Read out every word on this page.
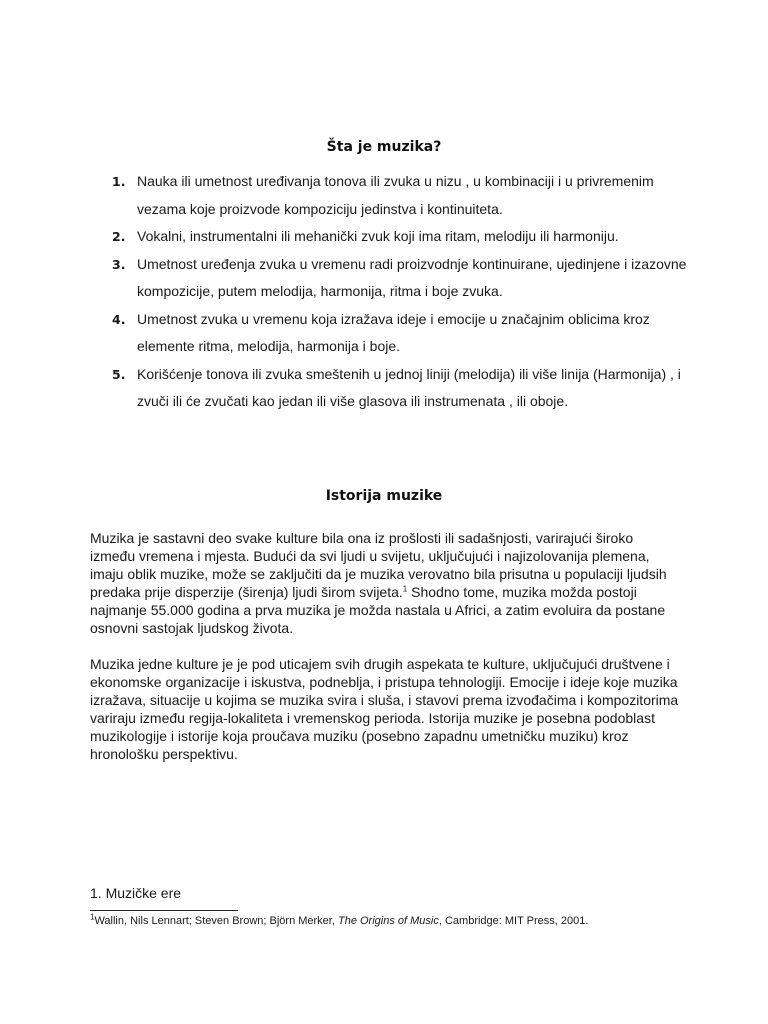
Šta je muzika?
1. Nauka ili umetnost uređivanja tonova ili zvuka u nizu , u kombinaciji i u privremenim vezama koje proizvode kompoziciju jedinstva i kontinuiteta.
2. Vokalni, instrumentalni ili mehanički zvuk koji ima ritam, melodiju ili harmoniju.
3. Umetnost uređenja zvuka u vremenu radi proizvodnje kontinuirane, ujedinjene i izazovne kompozicije, putem melodija, harmonija, ritma i boje zvuka.
4. Umetnost zvuka u vremenu koja izražava ideje i emocije u značajnim oblicima kroz elemente ritma, melodija, harmonija i boje.
5. Korišćenje tonova ili zvuka smeštenih u jednoj liniji (melodija) ili više linija (Harmonija) , i zvuči ili će zvučati kao jedan ili više glasova ili instrumenata , ili oboje.
Istorija muzike

Muzika je sastavni deo svake kulture bila ona iz prošlosti ili sadašnjosti, varirajući široko između vremena i mjesta. Budući da svi ljudi u svijetu, uključujući i najizolovanija plemena, imaju oblik muzike, može se zaključiti da je muzika verovatno bila prisutna u populaciji ljudsih predaka prije disperzije (širenja) ljudi širom svijeta.$^1$ Shodno tome, muzika možda postoji najmanje 55.000 godina a prva muzika je možda nastala u Africi, a zatim evoluira da postane osnovni sastojak ljudskog života.

Muzika jedne kulture je je pod uticajem svih drugih aspekata te kulture, uključujući društvene i ekonomske organizacije i iskustva, podneblja, i pristupa tehnologiji. Emocije i ideje koje muzika izražava, situacije u kojima se muzika svira i sluša, i stavovi prema izvođačima i kompozitorima variraju između regija-lokaliteta i vremenskog perioda. Istorija muzike je posebna podoblast muzikologije i istorije koja proučava muziku (posebno zapadnu umetničku muziku) kroz hronološku perspektivu.

1. Muzičke ere
$^1$Wallin, Nils Lennart; Steven Brown; Björn Merker, The Origins of Music, Cambridge: MIT Press, 2001.
